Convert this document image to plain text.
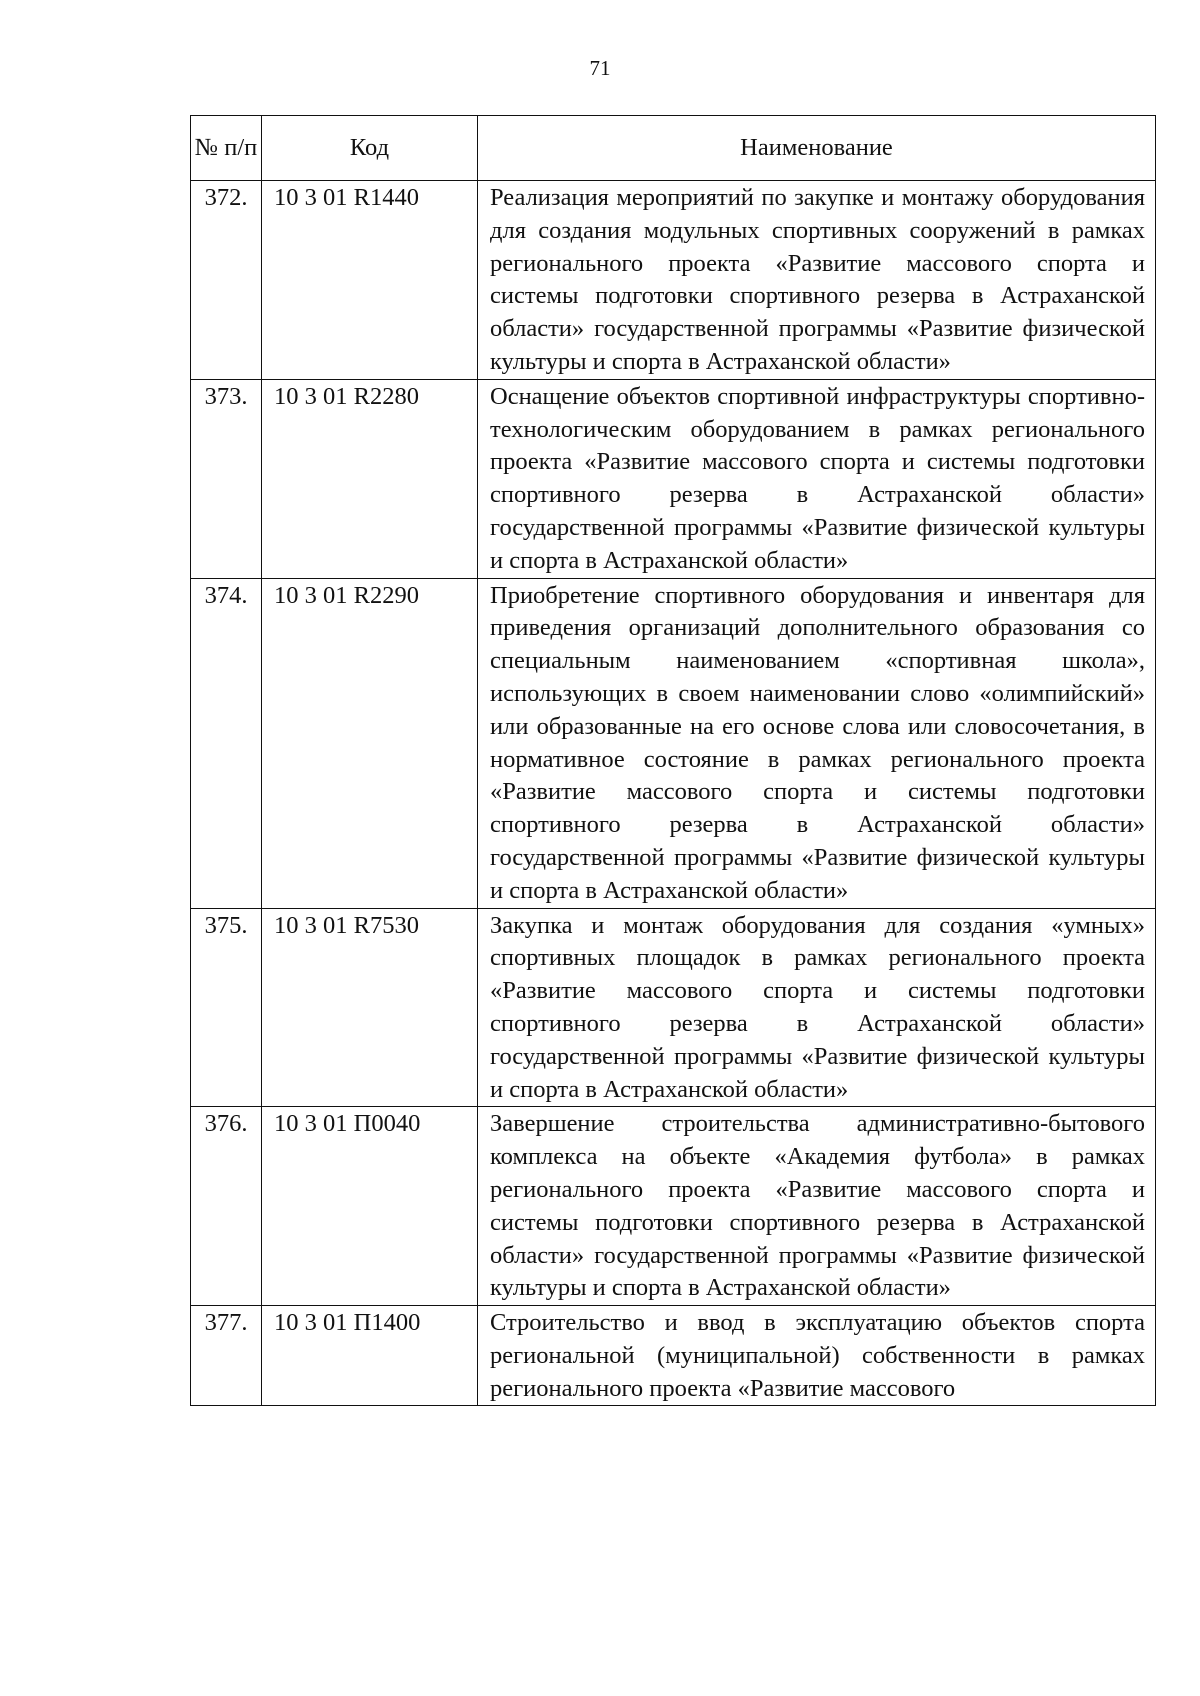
71
№ п/п	Код	Наименование
372.	10 3 01 R1440	Реализация мероприятий по закупке и монтажу оборудования для создания модульных спортивных сооружений в рамках регионального проекта «Развитие массового спорта и системы подготовки спортивного резерва в Астраханской области» государственной программы «Развитие физической культуры и спорта в Астраханской области»
373.	10 3 01 R2280	Оснащение объектов спортивной инфраструктуры спортивно-технологическим оборудованием в рамках регионального проекта «Развитие массового спорта и системы подготовки спортивного резерва в Астраханской области» государственной программы «Развитие физической культуры и спорта в Астраханской области»
374.	10 3 01 R2290	Приобретение спортивного оборудования и инвентаря для приведения организаций дополнительного образования со специальным наименованием «спортивная школа», использующих в своем наименовании слово «олимпийский» или образованные на его основе слова или словосочетания, в нормативное состояние в рамках регионального проекта «Развитие массового спорта и системы подготовки спортивного резерва в Астраханской области» государственной программы «Развитие физической культуры и спорта в Астраханской области»
375.	10 3 01 R7530	Закупка и монтаж оборудования для создания «умных» спортивных площадок в рамках регионального проекта «Развитие массового спорта и системы подготовки спортивного резерва в Астраханской области» государственной программы «Развитие физической культуры и спорта в Астраханской области»
376.	10 3 01 П0040	Завершение строительства административно-бытового комплекса на объекте «Академия футбола» в рамках регионального проекта «Развитие массового спорта и системы подготовки спортивного резерва в Астраханской области» государственной программы «Развитие физической культуры и спорта в Астраханской области»
377.	10 3 01 П1400	Строительство и ввод в эксплуатацию объектов спорта региональной (муниципальной) собственности в рамках регионального проекта «Развитие массового
